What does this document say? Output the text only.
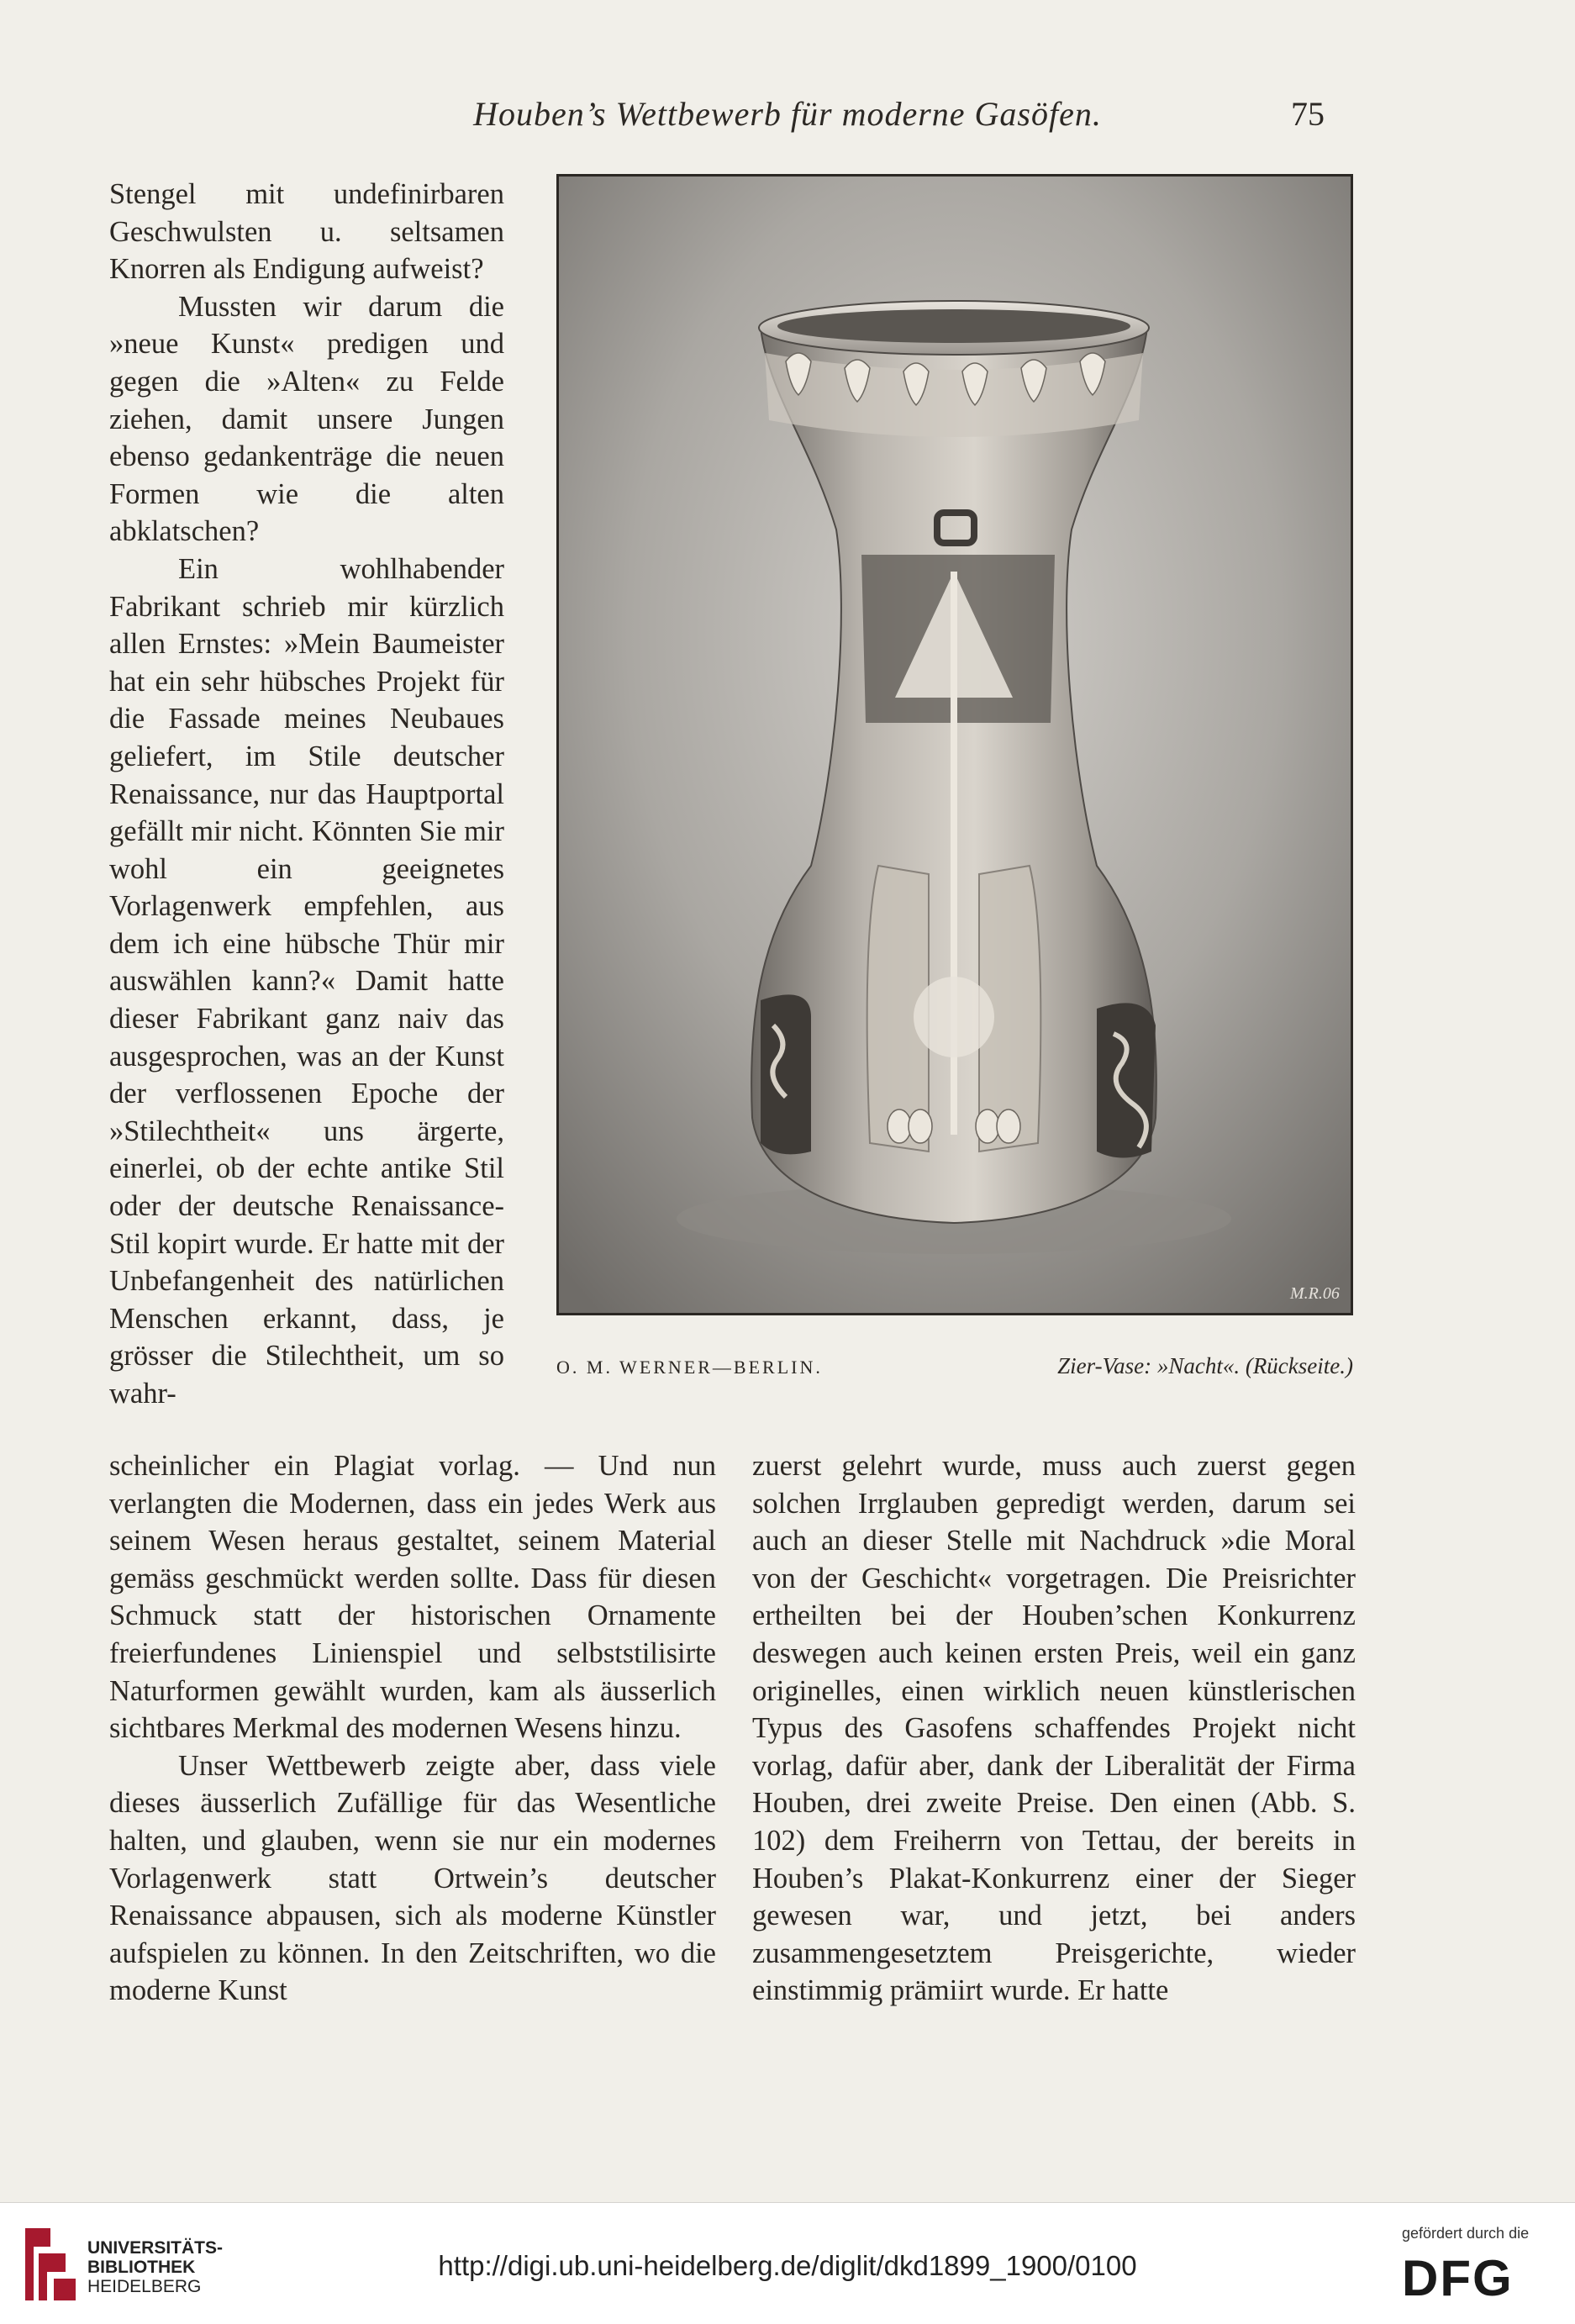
Houben’s Wettbewerb für moderne Gasöfen.	75

Stengel mit undefinirbaren Geschwulsten u. seltsamen Knorren als Endigung aufweist?

Mussten wir darum die »neue Kunst« predigen und gegen die »Alten« zu Felde ziehen, damit unsere Jungen ebenso gedankenträge die neuen Formen wie die alten abklatschen?

Ein wohlhabender Fabrikant schrieb mir kürzlich allen Ernstes: »Mein Baumeister hat ein sehr hübsches Projekt für die Fassade meines Neubaues geliefert, im Stile deutscher Renaissance, nur das Hauptportal gefällt mir nicht. Könnten Sie mir wohl ein geeignetes Vorlagenwerk empfehlen, aus dem ich eine hübsche Thür mir auswählen kann?« Damit hatte dieser Fabrikant ganz naiv das ausgesprochen, was an der Kunst der verflossenen Epoche der »Stilechtheit« uns ärgerte, einerlei, ob der echte antike Stil oder der deutsche Renaissance-Stil kopirt wurde. Er hatte mit der Unbefangenheit des natürlichen Menschen erkannt, dass, je grösser die Stilechtheit, um so wahr-

M.R.06
O. M. WERNER—BERLIN.	Zier-Vase: »Nacht«. (Rückseite.)

scheinlicher ein Plagiat vorlag. — Und nun verlangten die Modernen, dass ein jedes Werk aus seinem Wesen heraus gestaltet, seinem Material gemäss geschmückt werden sollte. Dass für diesen Schmuck statt der historischen Ornamente freierfundenes Linienspiel und selbststilisirte Naturformen gewählt wurden, kam als äusserlich sichtbares Merkmal des modernen Wesens hinzu.

Unser Wettbewerb zeigte aber, dass viele dieses äusserlich Zufällige für das Wesentliche halten, und glauben, wenn sie nur ein modernes Vorlagenwerk statt Ortwein’s deutscher Renaissance abpausen, sich als moderne Künstler aufspielen zu können. In den Zeitschriften, wo die moderne Kunst

zuerst gelehrt wurde, muss auch zuerst gegen solchen Irrglauben gepredigt werden, darum sei auch an dieser Stelle mit Nachdruck »die Moral von der Geschicht« vorgetragen. Die Preisrichter ertheilten bei der Houben’schen Konkurrenz deswegen auch keinen ersten Preis, weil ein ganz originelles, einen wirklich neuen künstlerischen Typus des Gasofens schaffendes Projekt nicht vorlag, dafür aber, dank der Liberalität der Firma Houben, drei zweite Preise. Den einen (Abb. S. 102) dem Freiherrn von Tettau, der bereits in Houben’s Plakat-Konkurrenz einer der Sieger gewesen war, und jetzt, bei anders zusammengesetztem Preisgerichte, wieder einstimmig prämiirt wurde. Er hatte

UNIVERSITÄTS-
BIBLIOTHEK
HEIDELBERG
http://digi.ub.uni-heidelberg.de/diglit/dkd1899_1900/0100
gefördert durch die
DFG
